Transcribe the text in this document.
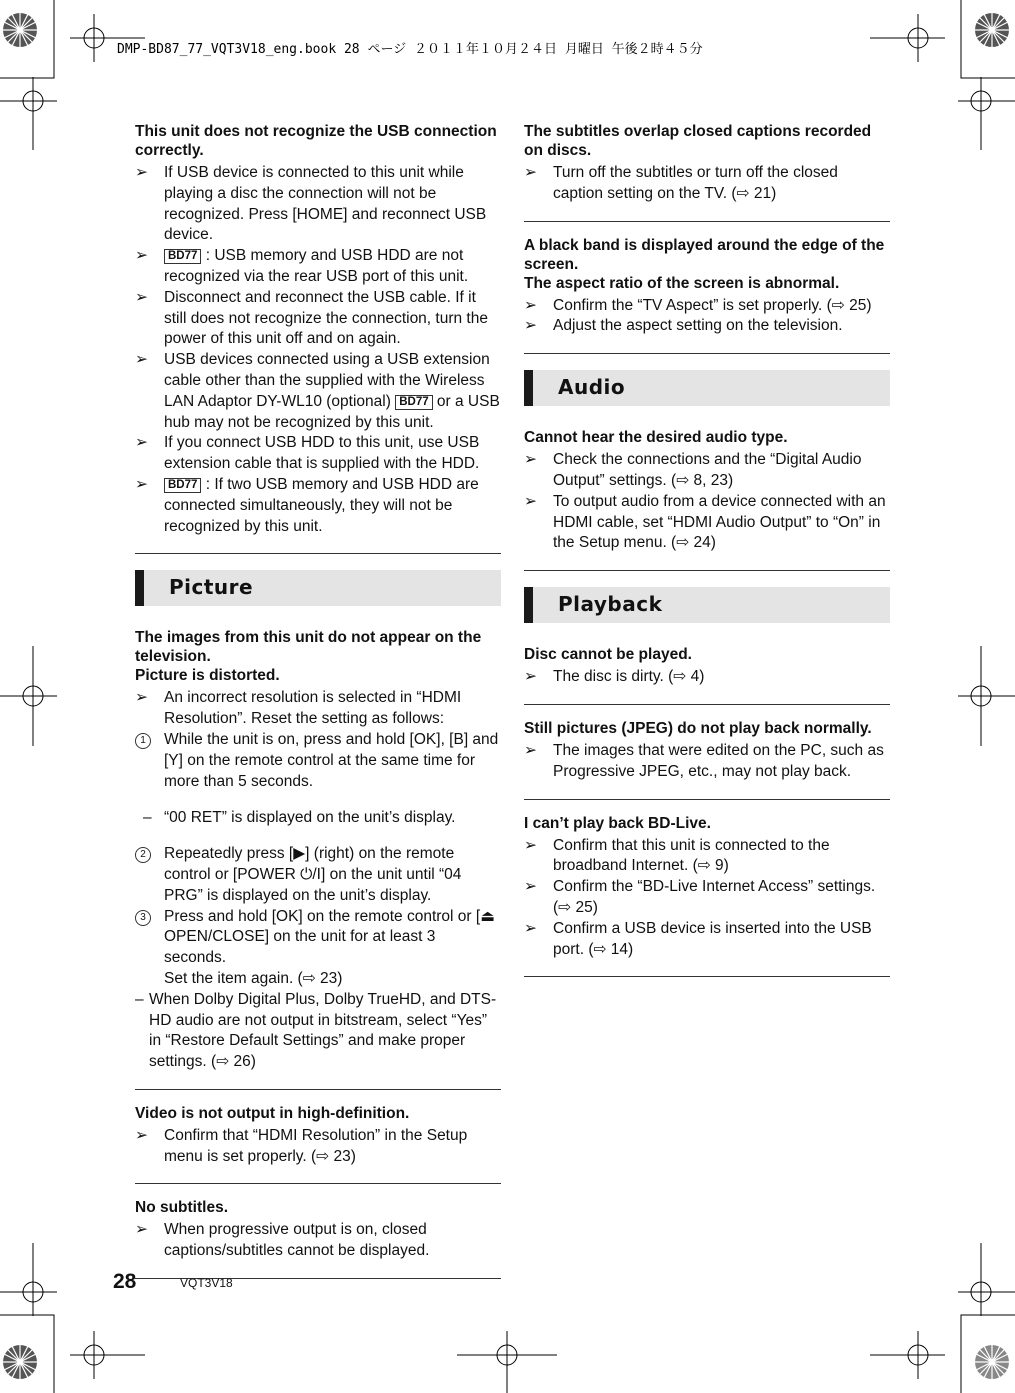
DMP-BD87_77_VQT3V18_eng.book 28 ページ ２０１１年１０月２４日 月曜日 午後２時４５分
This unit does not recognize the USB connection correctly.

➢	If USB device is connected to this unit while playing a disc the connection will not be recognized. Press [HOME] and reconnect USB device.

➢	BD77 : USB memory and USB HDD are not recognized via the rear USB port of this unit.

➢	Disconnect and reconnect the USB cable. If it still does not recognize the connection, turn the power of this unit off and on again.

➢	USB devices connected using a USB extension cable other than the supplied with the Wireless LAN Adaptor DY-WL10 (optional) BD77 or a USB hub may not be recognized by this unit.

➢	If you connect USB HDD to this unit, use USB extension cable that is supplied with the HDD.

➢	BD77 : If two USB memory and USB HDD are connected simultaneously, they will not be recognized by this unit.

Picture
The images from this unit do not appear on the television.
Picture is distorted.

➢	An incorrect resolution is selected in “HDMI Resolution”. Reset the setting as follows:

1	While the unit is on, press and hold [OK], [B] and [Y] on the remote control at the same time for more than 5 seconds.

– “00 RET” is displayed on the unit’s display.

2	Repeatedly press [▶] (right) on the remote control or [POWER ⏻/I] on the unit until “04 PRG” is displayed on the unit’s display.

3	Press and hold [OK] on the remote control or [⏏ OPEN/CLOSE] on the unit for at least 3 seconds.
Set the item again. (⇨ 23)

– When Dolby Digital Plus, Dolby TrueHD, and DTS-HD audio are not output in bitstream, select “Yes” in “Restore Default Settings” and make proper settings. (⇨ 26)

Video is not output in high-definition.

➢	Confirm that “HDMI Resolution” in the Setup menu is set properly. (⇨ 23)

No subtitles.

➢	When progressive output is on, closed captions/subtitles cannot be displayed.

The subtitles overlap closed captions recorded on discs.

➢	Turn off the subtitles or turn off the closed caption setting on the TV. (⇨ 21)

A black band is displayed around the edge of the screen.
The aspect ratio of the screen is abnormal.

➢	Confirm the “TV Aspect” is set properly. (⇨ 25)

➢	Adjust the aspect setting on the television.

Audio
Cannot hear the desired audio type.

➢	Check the connections and the “Digital Audio Output” settings. (⇨ 8, 23)

➢	To output audio from a device connected with an HDMI cable, set “HDMI Audio Output” to “On” in the Setup menu. (⇨ 24)

Playback
Disc cannot be played.

➢	The disc is dirty. (⇨ 4)

Still pictures (JPEG) do not play back normally.

➢	The images that were edited on the PC, such as Progressive JPEG, etc., may not play back.

I can’t play back BD-Live.

➢	Confirm that this unit is connected to the broadband Internet. (⇨ 9)

➢	Confirm the “BD-Live Internet Access” settings. (⇨ 25)

➢	Confirm a USB device is inserted into the USB port. (⇨ 14)

28	VQT3V18
